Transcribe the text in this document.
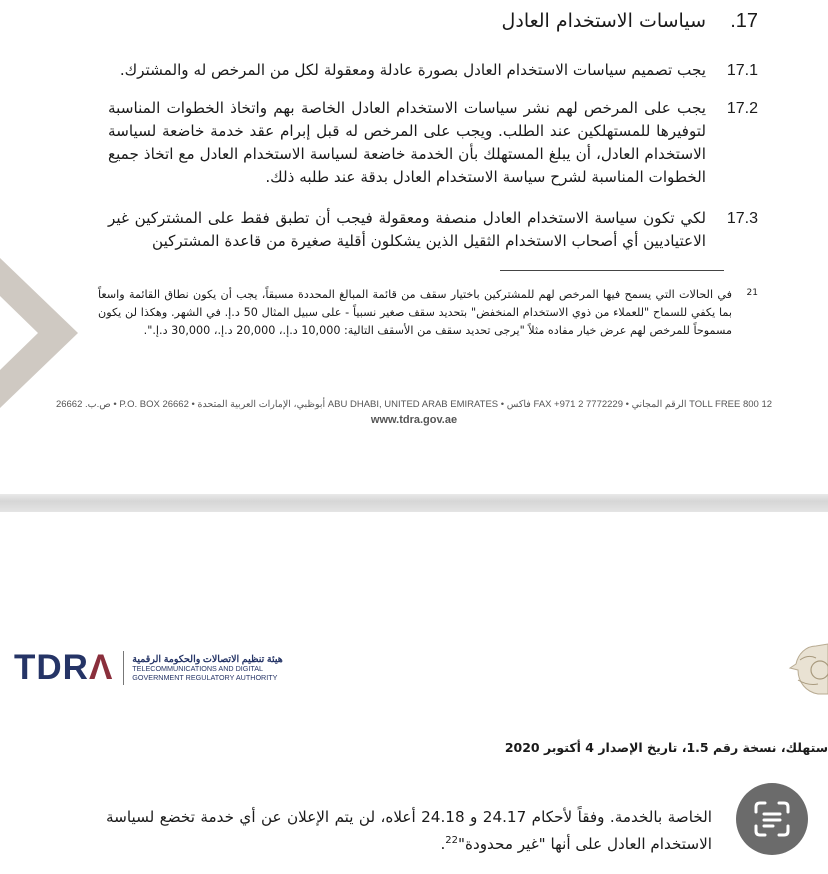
17.    سياسات الاستخدام العادل
17.1
يجب تصميم سياسات الاستخدام العادل بصورة عادلة ومعقولة لكل من المرخص له والمشترك.
17.2
يجب على المرخص لهم نشر سياسات الاستخدام العادل الخاصة بهم واتخاذ الخطوات المناسبة لتوفيرها للمستهلكين عند الطلب. ويجب على المرخص له قبل إبرام عقد خدمة خاضعة لسياسة الاستخدام العادل، أن يبلغ المستهلك بأن الخدمة خاضعة لسياسة الاستخدام العادل مع اتخاذ جميع الخطوات المناسبة لشرح سياسة الاستخدام العادل بدقة عند طلبه ذلك.
17.3
لكي تكون سياسة الاستخدام العادل منصفة ومعقولة فيجب أن تطبق فقط على المشتركين غير الاعتياديين أي أصحاب الاستخدام الثقيل الذين يشكلون أقلية صغيرة من قاعدة المشتركين
21
في الحالات التي يسمح فيها المرخص لهم للمشتركين باختيار سقف من قائمة المبالغ المحددة مسبقاً، يجب أن يكون نطاق القائمة واسعاً بما يكفي للسماح "للعملاء من ذوي الاستخدام المنخفض" بتحديد سقف صغير نسبياً - على سبيل المثال 50 د.إ. في الشهر. وهكذا لن يكون مسموحاً للمرخص لهم عرض خيار مفاده مثلاً "يرجى تحديد سقف من الأسقف التالية: 10,000 د.إ.، 20,000 د.إ.، 30,000 د.إ.".
ص.ب. 26662 • P.O. BOX 26662 • أبوظبي، الإمارات العربية المتحدة ABU DHABI, UNITED ARAB EMIRATES • فاكس FAX +971 2 7772229 • الرقم المجاني TOLL FREE 800 12
www.tdra.gov.ae
TDRΛ هيئة تنظيم الاتصالات والحكومة الرقمية
TELECOMMUNICATIONS AND DIGITAL
GOVERNMENT REGULATORY AUTHORITY
ستهلك، نسخة رقم 1.5، تاريخ الإصدار 4 أكتوبر 2020
الخاصة بالخدمة. وفقاً لأحكام 24.17 و 24.18 أعلاه، لن يتم الإعلان عن أي خدمة تخضع لسياسة الاستخدام العادل على أنها "غير محدودة"$^{22}$.
